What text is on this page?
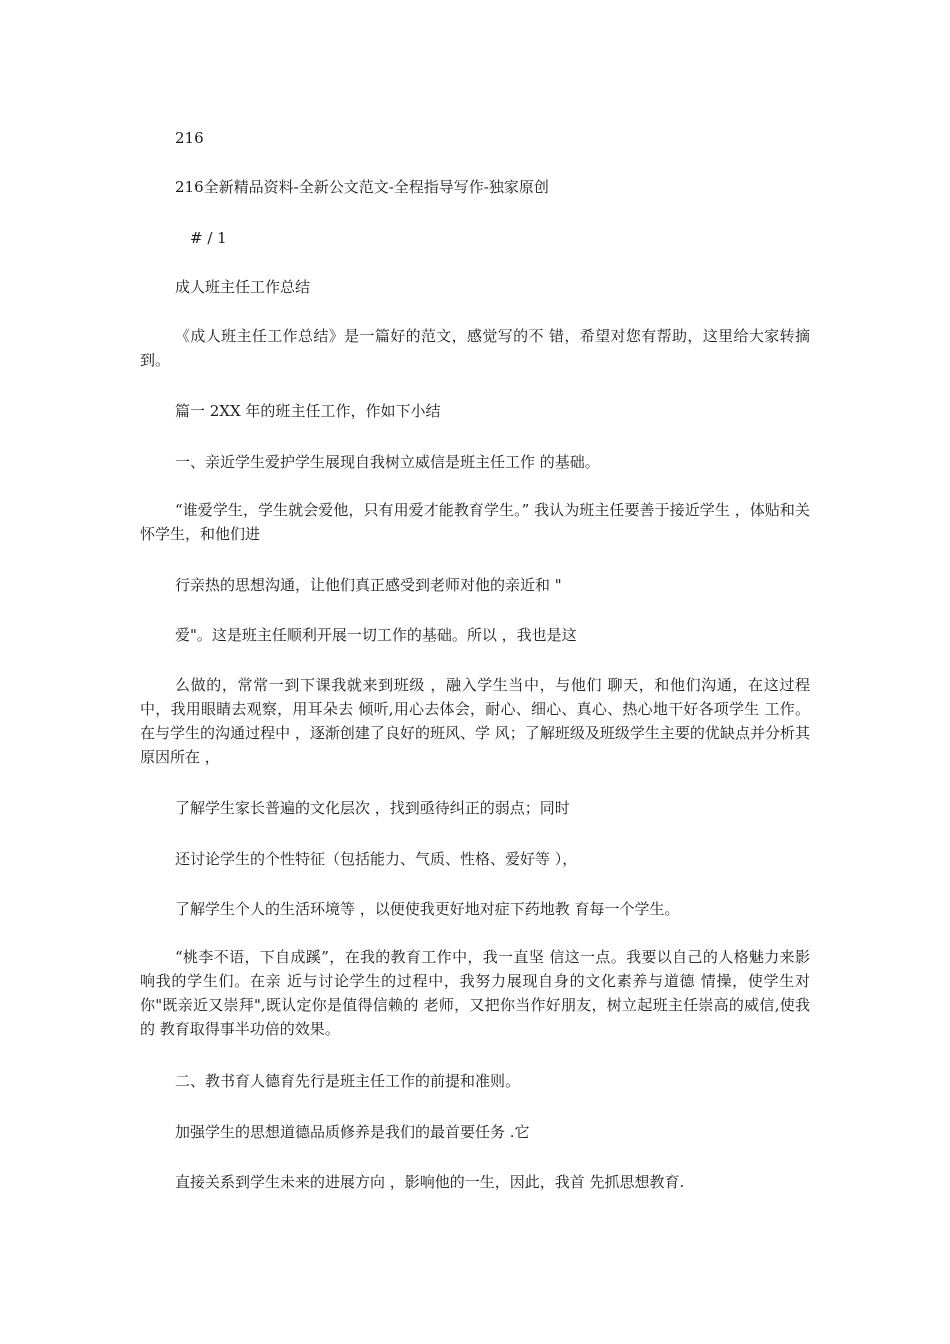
216

216全新精品资料-全新公文范文-全程指导写作-独家原创

# / 1

成人班主任工作总结

《成人班主任工作总结》是一篇好的范文，感觉写的不 错，希望对您有帮助，这里给大家转摘到。

篇一 2XX 年的班主任工作，作如下小结

一、亲近学生爱护学生展现自我树立威信是班主任工作 的基础。

“谁爱学生，学生就会爱他，只有用爱才能教育学生。” 我认为班主任要善于接近学生 ，体贴和关怀学生，和他们进

行亲热的思想沟通，让他们真正感受到老师对他的亲近和 "

爱"。这是班主任顺利开展一切工作的基础。所以 ，我也是这

么做的，常常一到下课我就来到班级 ，融入学生当中，与他们 聊天，和他们沟通，在这过程中，我用眼睛去观察，用耳朵去 倾听,用心去体会，耐心、细心、真心、热心地干好各项学生 工作。在与学生的沟通过程中 ，逐渐创建了良好的班风、学 风；了解班级及班级学生主要的优缺点并分析其原因所在 ，

了解学生家长普遍的文化层次 ，找到亟待纠正的弱点；同时

还讨论学生的个性特征（包括能力、气质、性格、爱好等 ），

了解学生个人的生活环境等 ，以便使我更好地对症下药地教 育每一个学生。

“桃李不语，下自成蹊”，在我的教育工作中，我一直坚 信这一点。我要以自己的人格魅力来影响我的学生们。在亲 近与讨论学生的过程中，我努力展现自身的文化素养与道德 情操，使学生对你"既亲近又崇拜",既认定你是值得信赖的 老师，又把你当作好朋友，树立起班主任崇高的威信,使我的 教育取得事半功倍的效果。

二、教书育人德育先行是班主任工作的前提和准则。

加强学生的思想道德品质修养是我们的最首要任务 .它

直接关系到学生未来的进展方向 ，影响他的一生，因此，我首 先抓思想教育.
